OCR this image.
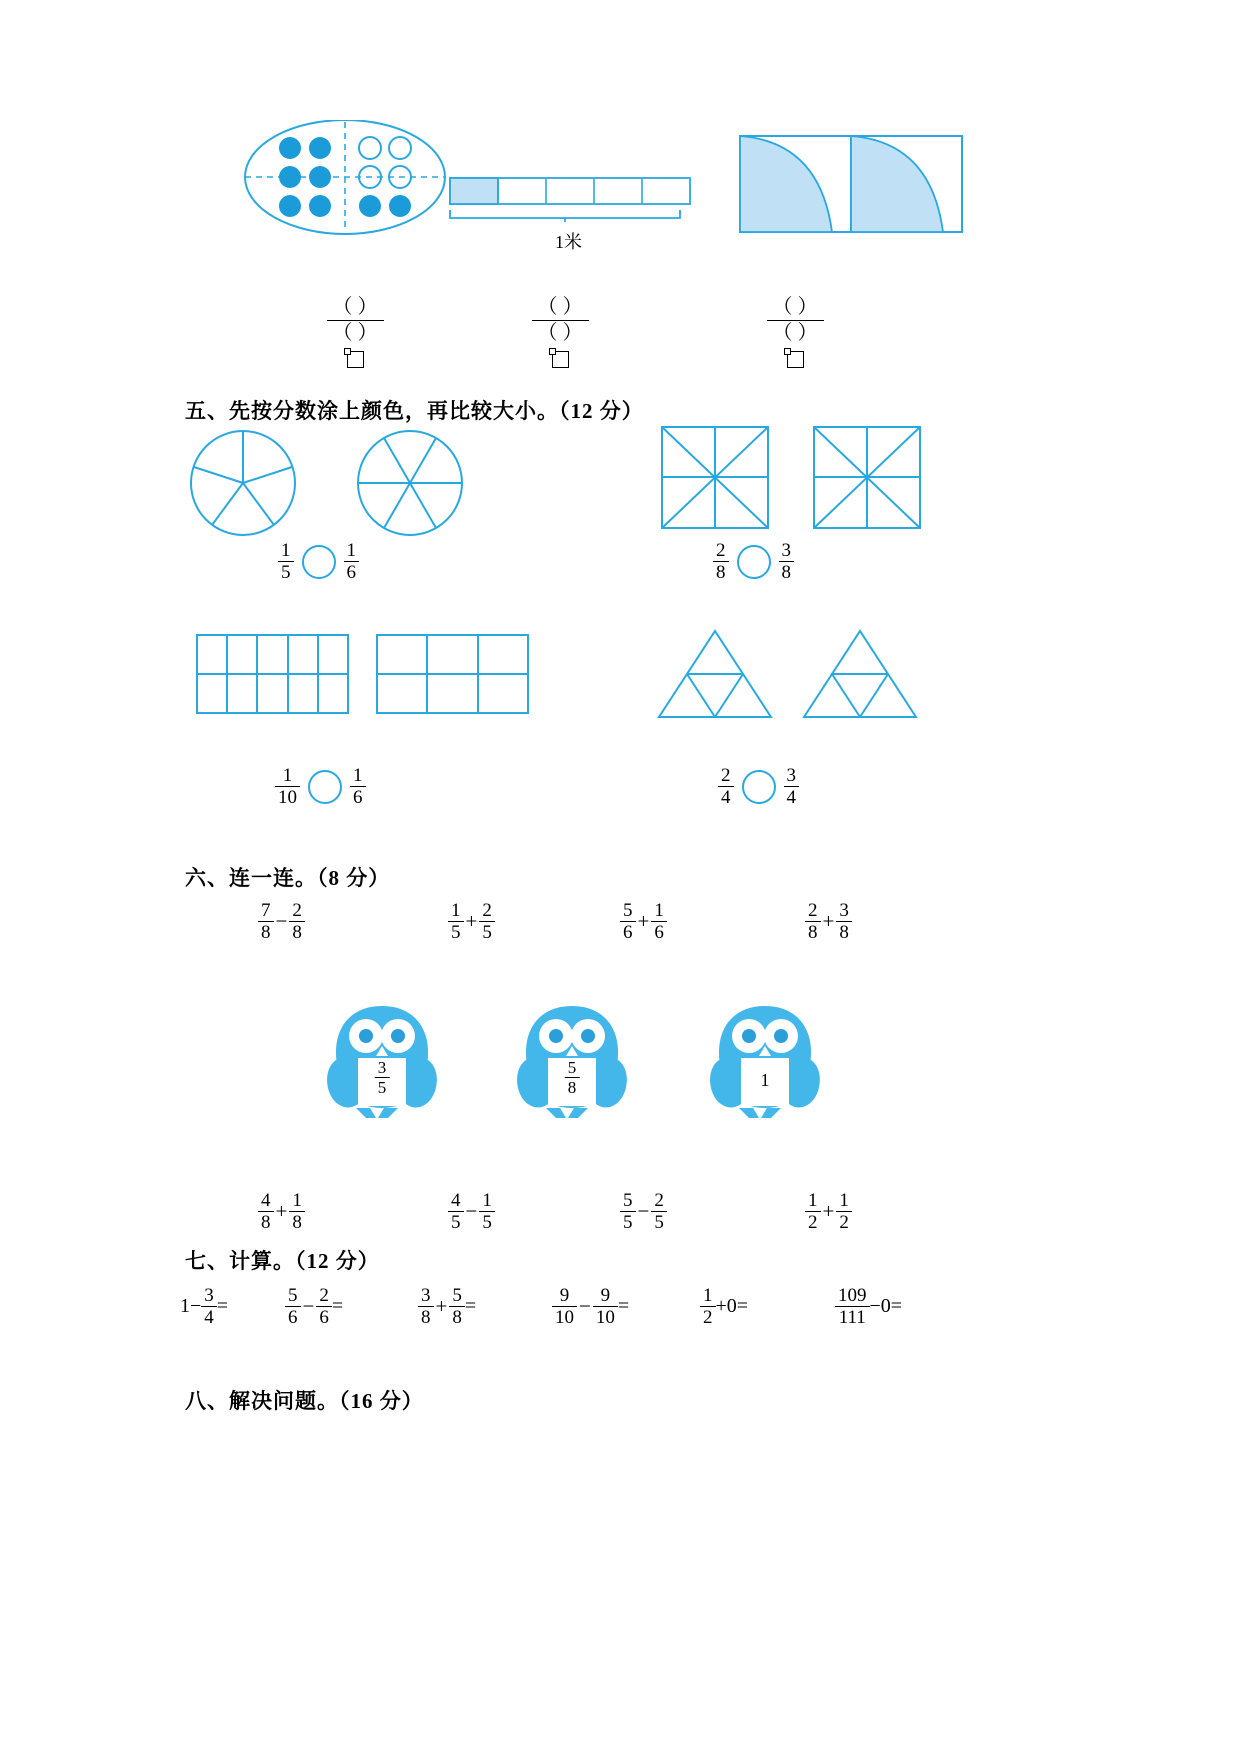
1米
$\frac{( )}{( )}$	$\frac{( )}{( )}$	$\frac{( )}{( )}$
五、先按分数涂上颜色，再比较大小。（12 分）
$\frac{1}{5}$	$\frac{1}{6}$	$\frac{2}{8}$	$\frac{3}{8}$
$\frac{1}{10}$	$\frac{1}{6}$	$\frac{2}{4}$	$\frac{3}{4}$
六、连一连。（8 分）
$\frac{7}{8} - \frac{2}{8}$	$\frac{1}{5} + \frac{2}{5}$	$\frac{5}{6} + \frac{1}{6}$	$\frac{2}{8} + \frac{3}{8}$
$\frac{3}{5}$	$\frac{5}{8}$	1
$\frac{4}{8} + \frac{1}{8}$	$\frac{4}{5} - \frac{1}{5}$	$\frac{5}{5} - \frac{2}{5}$	$\frac{1}{2} + \frac{1}{2}$
七、计算。（12 分）
$1- \frac{3}{4}$ =	$\frac{5}{6} - \frac{2}{6}$ =	$\frac{3}{8} + \frac{5}{8}$ =	$\frac{9}{10} - \frac{9}{10}$ =	$\frac{1}{2} +0=$	$\frac{109}{111} -0=$
八、解决问题。（16 分）
